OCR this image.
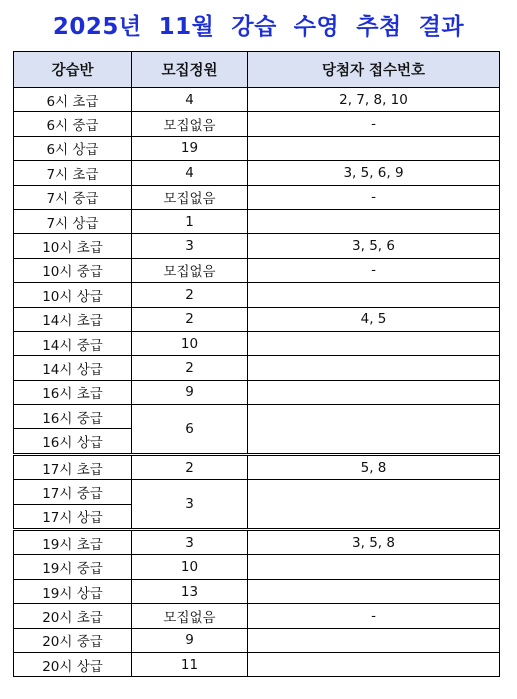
2025년  11월  강습  수영  추첨  결과
강습반	모집정원	당첨자 접수번호
6시 초급	4	2, 7, 8, 10
6시 중급	모집없음	-
6시 상급	19	
7시 초급	4	3, 5, 6, 9
7시 중급	모집없음	-
7시 상급	1	
10시 초급	3	3, 5, 6
10시 중급	모집없음	-
10시 상급	2	
14시 초급	2	4, 5
14시 중급	10	
14시 상급	2	
16시 초급	9	
16시 중급	6	
16시 상급		
17시 초급	2	5, 8
17시 중급	3	
17시 상급		
19시 초급	3	3, 5, 8
19시 중급	10	
19시 상급	13	
20시 초급	모집없음	-
20시 중급	9	
20시 상급	11	
